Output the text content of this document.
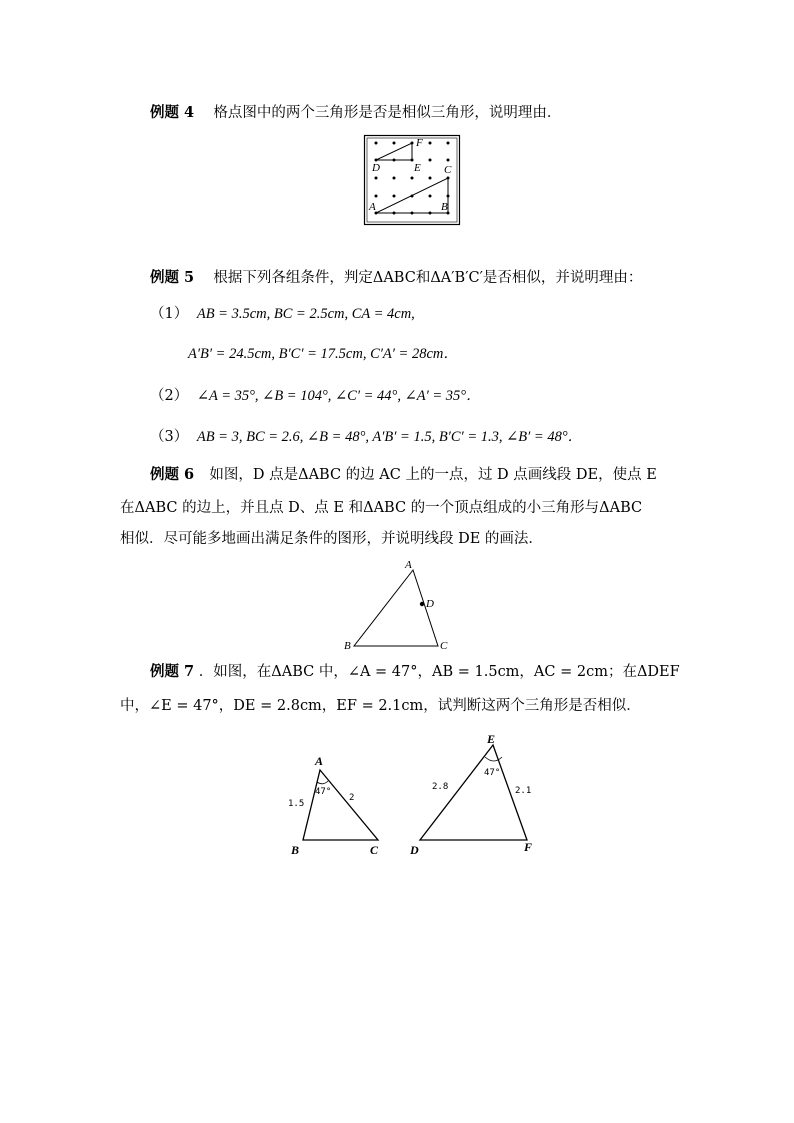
例题 4 格点图中的两个三角形是否是相似三角形，说明理由．
F
D	E C
A	B
例题 5 根据下列各组条件，判定ΔABC和ΔA′B′C′是否相似，并说明理由：
（1） AB = 3.5cm, BC = 2.5cm, CA = 4cm,
A′B′ = 24.5cm, B′C′ = 17.5cm, C′A′ = 28cm．
（2） ∠A = 35°, ∠B = 104°, ∠C′ = 44°, ∠A′ = 35°．
（3） AB = 3, BC = 2.6, ∠B = 48°, A′B′ = 1.5, B′C′ = 1.3, ∠B′ = 48°．
例题 6 如图，D 点是ΔABC 的边 AC 上的一点，过 D 点画线段 DE，使点 E
在ΔABC 的边上，并且点 D、点 E 和ΔABC 的一个顶点组成的小三角形与ΔABC
相似．尽可能多地画出满足条件的图形，并说明线段 DE 的画法．
A
D
B	C
例题 7 ．如图，在ΔABC 中，∠A = 47°，AB = 1.5cm，AC = 2cm；在ΔDEF
中，∠E = 47°，DE = 2.8cm，EF = 2.1cm，试判断这两个三角形是否相似．
A
47°
1.5
2
B	C
E
47°
2.8	2.1
D	F
